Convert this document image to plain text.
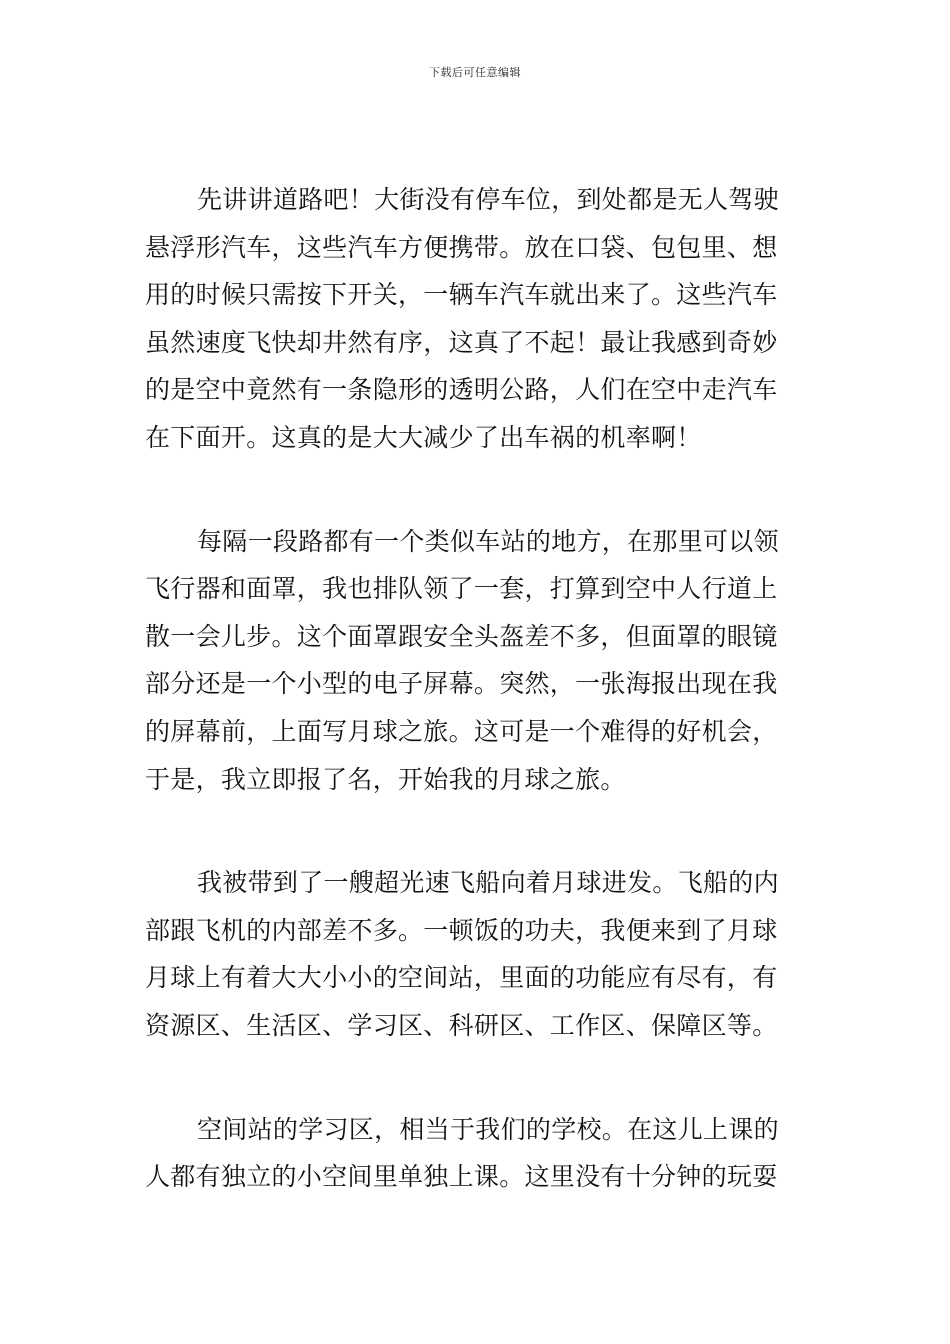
下载后可任意编辑
先讲讲道路吧！大街没有停车位，到处都是无人驾驶
悬浮形汽车，这些汽车方便携带。放在口袋、包包里、想
用的时候只需按下开关，一辆车汽车就出来了。这些汽车
虽然速度飞快却井然有序，这真了不起！最让我感到奇妙
的是空中竟然有一条隐形的透明公路，人们在空中走汽车
在下面开。这真的是大大减少了出车祸的机率啊！
每隔一段路都有一个类似车站的地方，在那里可以领
飞行器和面罩，我也排队领了一套，打算到空中人行道上
散一会儿步。这个面罩跟安全头盔差不多，但面罩的眼镜
部分还是一个小型的电子屏幕。突然，一张海报出现在我
的屏幕前，上面写月球之旅。这可是一个难得的好机会，
于是，我立即报了名，开始我的月球之旅。
我被带到了一艘超光速飞船向着月球进发。飞船的内
部跟飞机的内部差不多。一顿饭的功夫，我便来到了月球
月球上有着大大小小的空间站，里面的功能应有尽有，有
资源区、生活区、学习区、科研区、工作区、保障区等。
空间站的学习区，相当于我们的学校。在这儿上课的
人都有独立的小空间里单独上课。这里没有十分钟的玩耍
